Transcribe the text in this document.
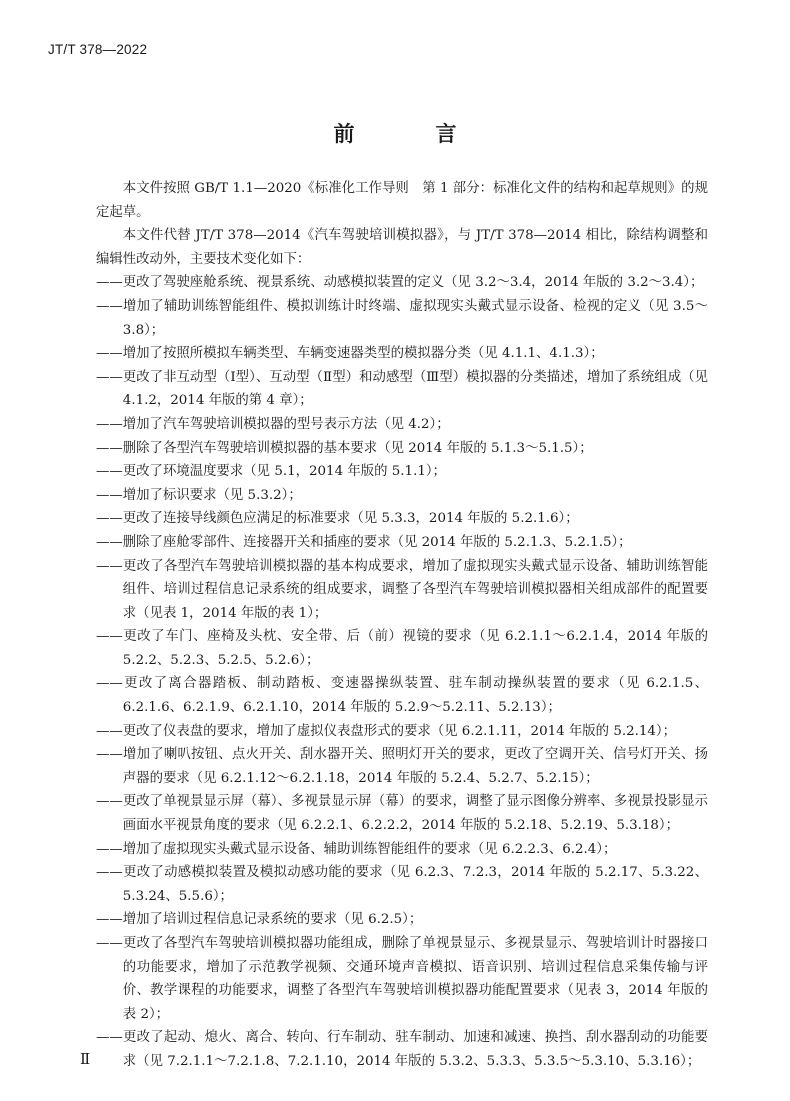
JT/T 378—2022
前　言

本文件按照 GB/T 1.1—2020《标准化工作导则　第 1 部分：标准化文件的结构和起草规则》的规定起草。

本文件代替 JT/T 378—2014《汽车驾驶培训模拟器》，与 JT/T 378—2014 相比，除结构调整和编辑性改动外，主要技术变化如下：

——更改了驾驶座舱系统、视景系统、动感模拟装置的定义（见 3.2～3.4，2014 年版的 3.2～3.4）；

——增加了辅助训练智能组件、模拟训练计时终端、虚拟现实头戴式显示设备、检视的定义（见 3.5～3.8）；

——增加了按照所模拟车辆类型、车辆变速器类型的模拟器分类（见 4.1.1、4.1.3）；

——更改了非互动型（Ⅰ型）、互动型（Ⅱ型）和动感型（Ⅲ型）模拟器的分类描述，增加了系统组成（见 4.1.2，2014 年版的第 4 章）；

——增加了汽车驾驶培训模拟器的型号表示方法（见 4.2）；

——删除了各型汽车驾驶培训模拟器的基本要求（见 2014 年版的 5.1.3～5.1.5）；

——更改了环境温度要求（见 5.1，2014 年版的 5.1.1）；

——增加了标识要求（见 5.3.2）；

——更改了连接导线颜色应满足的标准要求（见 5.3.3，2014 年版的 5.2.1.6）；

——删除了座舱零部件、连接器开关和插座的要求（见 2014 年版的 5.2.1.3、5.2.1.5）；

——更改了各型汽车驾驶培训模拟器的基本构成要求，增加了虚拟现实头戴式显示设备、辅助训练智能组件、培训过程信息记录系统的组成要求，调整了各型汽车驾驶培训模拟器相关组成部件的配置要求（见表 1，2014 年版的表 1）；

——更改了车门、座椅及头枕、安全带、后（前）视镜的要求（见 6.2.1.1～6.2.1.4，2014 年版的 5.2.2、5.2.3、5.2.5、5.2.6）；

——更改了离合器踏板、制动踏板、变速器操纵装置、驻车制动操纵装置的要求（见 6.2.1.5、6.2.1.6、6.2.1.9、6.2.1.10，2014 年版的 5.2.9～5.2.11、5.2.13）；

——更改了仪表盘的要求，增加了虚拟仪表盘形式的要求（见 6.2.1.11，2014 年版的 5.2.14）；

——增加了喇叭按钮、点火开关、刮水器开关、照明灯开关的要求，更改了空调开关、信号灯开关、扬声器的要求（见 6.2.1.12～6.2.1.18，2014 年版的 5.2.4、5.2.7、5.2.15）；

——更改了单视景显示屏（幕）、多视景显示屏（幕）的要求，调整了显示图像分辨率、多视景投影显示画面水平视景角度的要求（见 6.2.2.1、6.2.2.2，2014 年版的 5.2.18、5.2.19、5.3.18）；

——增加了虚拟现实头戴式显示设备、辅助训练智能组件的要求（见 6.2.2.3、6.2.4）；

——更改了动感模拟装置及模拟动感功能的要求（见 6.2.3、7.2.3，2014 年版的 5.2.17、5.3.22、5.3.24、5.5.6）；

——增加了培训过程信息记录系统的要求（见 6.2.5）；

——更改了各型汽车驾驶培训模拟器功能组成，删除了单视景显示、多视景显示、驾驶培训计时器接口的功能要求，增加了示范教学视频、交通环境声音模拟、语音识别、培训过程信息采集传输与评价、教学课程的功能要求，调整了各型汽车驾驶培训模拟器功能配置要求（见表 3，2014 年版的表 2）；

——更改了起动、熄火、离合、转向、行车制动、驻车制动、加速和减速、换挡、刮水器刮动的功能要求（见 7.2.1.1～7.2.1.8、7.2.1.10，2014 年版的 5.3.2、5.3.3、5.3.5～5.3.10、5.3.16）；

Ⅱ
